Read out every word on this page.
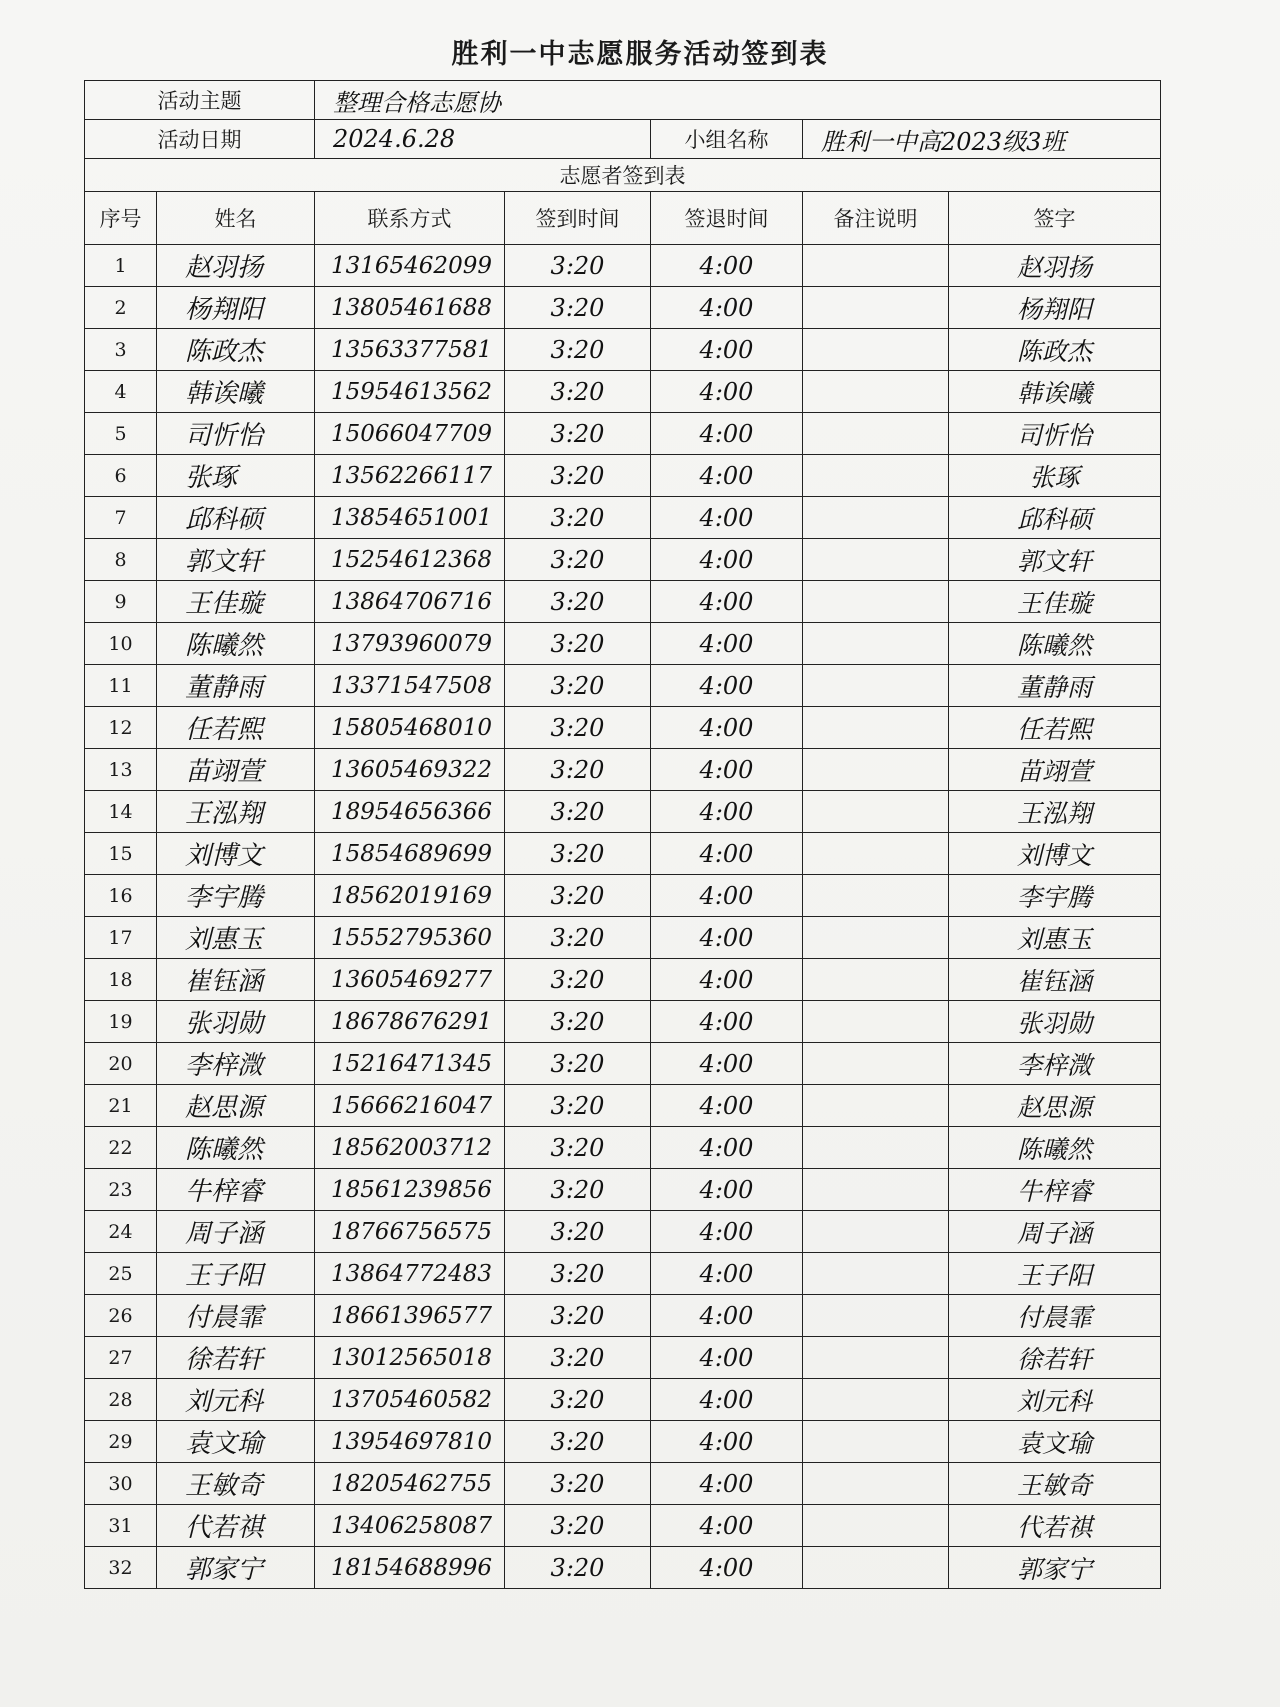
胜利一中志愿服务活动签到表
活动主题		整理合格志愿协				
活动日期		2024.6.28		小组名称	胜利一中高2023级3班	
志愿者签到表						
序号	姓名	联系方式	签到时间	签退时间	备注说明	签字
1	赵羽扬	13165462099	3:20	4:00		赵羽扬
2	杨翔阳	13805461688	3:20	4:00		杨翔阳
3	陈政杰	13563377581	3:20	4:00		陈政杰
4	韩诶曦	15954613562	3:20	4:00		韩诶曦
5	司忻怡	15066047709	3:20	4:00		司忻怡
6	张琢	13562266117	3:20	4:00		张琢
7	邱科硕	13854651001	3:20	4:00		邱科硕
8	郭文轩	15254612368	3:20	4:00		郭文轩
9	王佳璇	13864706716	3:20	4:00		王佳璇
10	陈曦然	13793960079	3:20	4:00		陈曦然
11	董静雨	13371547508	3:20	4:00		董静雨
12	任若熙	15805468010	3:20	4:00		任若熙
13	苗翊萱	13605469322	3:20	4:00		苗翊萱
14	王泓翔	18954656366	3:20	4:00		王泓翔
15	刘博文	15854689699	3:20	4:00		刘博文
16	李宇腾	18562019169	3:20	4:00		李宇腾
17	刘惠玉	15552795360	3:20	4:00		刘惠玉
18	崔钰涵	13605469277	3:20	4:00		崔钰涵
19	张羽勋	18678676291	3:20	4:00		张羽勋
20	李梓溦	15216471345	3:20	4:00		李梓溦
21	赵思源	15666216047	3:20	4:00		赵思源
22	陈曦然	18562003712	3:20	4:00		陈曦然
23	牛梓睿	18561239856	3:20	4:00		牛梓睿
24	周子涵	18766756575	3:20	4:00		周子涵
25	王子阳	13864772483	3:20	4:00		王子阳
26	付晨霏	18661396577	3:20	4:00		付晨霏
27	徐若轩	13012565018	3:20	4:00		徐若轩
28	刘元科	13705460582	3:20	4:00		刘元科
29	袁文瑜	13954697810	3:20	4:00		袁文瑜
30	王敏奇	18205462755	3:20	4:00		王敏奇
31	代若祺	13406258087	3:20	4:00		代若祺
32	郭家宁	18154688996	3:20	4:00		郭家宁
